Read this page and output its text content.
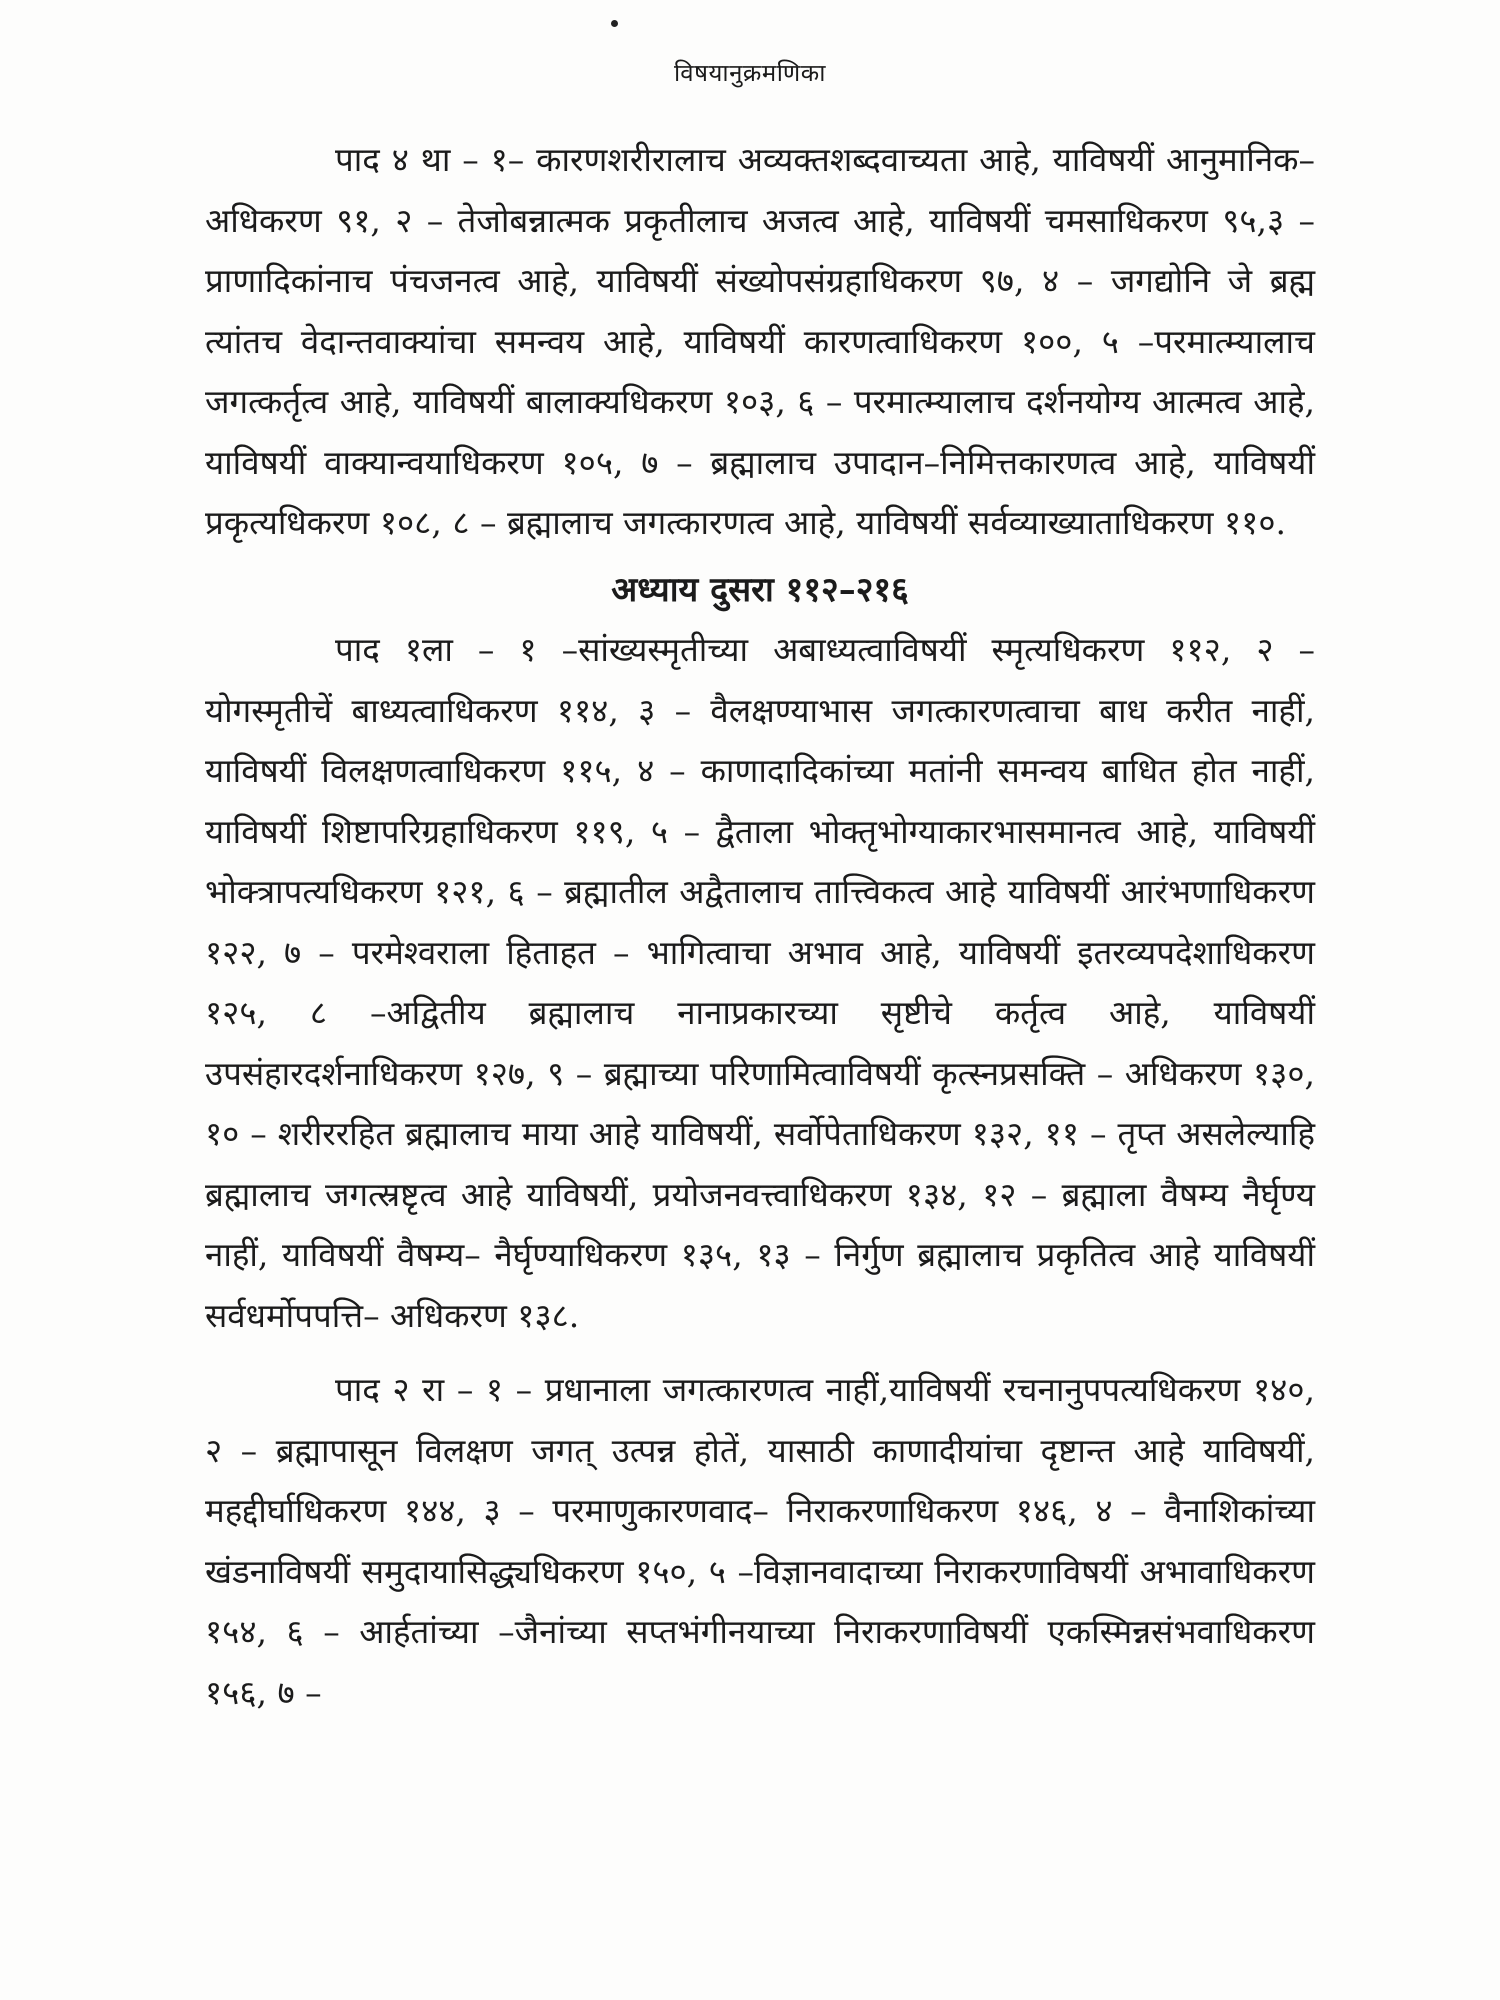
विषयानुक्रमणिका

पाद ४ था – १– कारणशरीरालाच अव्यक्तशब्दवाच्यता आहे, याविषयीं आनुमानिक–अधिकरण ९१, २ – तेजोबन्नात्मक प्रकृतीलाच अजत्व आहे, याविषयीं चमसाधिकरण ९५,३ – प्राणादिकांनाच पंचजनत्व आहे, याविषयीं संख्योपसंग्रहाधिकरण ९७, ४ – जगद्योनि जे ब्रह्म त्यांतच वेदान्तवाक्यांचा समन्वय आहे, याविषयीं कारणत्वाधिकरण १००, ५ –परमात्म्यालाच जगत्कर्तृत्व आहे, याविषयीं बालाक्यधिकरण १०३, ६ – परमात्म्यालाच दर्शनयोग्य आत्मत्व आहे, याविषयीं वाक्यान्वयाधिकरण १०५, ७ – ब्रह्मालाच उपादान–निमित्तकारणत्व आहे, याविषयीं प्रकृत्यधिकरण १०८, ८ – ब्रह्मालाच जगत्कारणत्व आहे, याविषयीं सर्वव्याख्याताधिकरण ११०.

अध्याय दुसरा ११२–२१६

पाद १ला – १ –सांख्यस्मृतीच्या अबाध्यत्वाविषयीं स्मृत्यधिकरण ११२, २ – योगस्मृतीचें बाध्यत्वाधिकरण ११४, ३ – वैलक्षण्याभास जगत्कारणत्वाचा बाध करीत नाहीं, याविषयीं विलक्षणत्वाधिकरण ११५, ४ – काणादादिकांच्या मतांनी समन्वय बाधित होत नाहीं, याविषयीं शिष्टापरिग्रहाधिकरण ११९, ५ – द्वैताला भोक्तृभोग्याकारभासमानत्व आहे, याविषयीं भोक्त्रापत्यधिकरण १२१, ६ – ब्रह्मातील अद्वैतालाच तात्त्विकत्व आहे याविषयीं आरंभणाधिकरण १२२, ७ – परमेश्वराला हिताहत – भागित्वाचा अभाव आहे, याविषयीं इतरव्यपदेशाधिकरण १२५, ८ –अद्वितीय ब्रह्मालाच नानाप्रकारच्या सृष्टीचे कर्तृत्व आहे, याविषयीं उपसंहारदर्शनाधिकरण १२७, ९ – ब्रह्माच्या परिणामित्वाविषयीं कृत्स्नप्रसक्ति – अधिकरण १३०, १० – शरीररहित ब्रह्मालाच माया आहे याविषयीं, सर्वोपेताधिकरण १३२, ११ – तृप्त असलेल्याहि ब्रह्मालाच जगत्स्रष्टृत्व आहे याविषयीं, प्रयोजनवत्त्वाधिकरण १३४, १२ – ब्रह्माला वैषम्य नैर्घृण्य नाहीं, याविषयीं वैषम्य– नैर्घृण्याधिकरण १३५, १३ – निर्गुण ब्रह्मालाच प्रकृतित्व आहे याविषयीं सर्वधर्मोपपत्ति– अधिकरण १३८.

पाद २ रा – १ – प्रधानाला जगत्कारणत्व नाहीं,याविषयीं रचनानुपपत्यधिकरण १४०, २ – ब्रह्मापासून विलक्षण जगत् उत्पन्न होतें, यासाठी काणादीयांचा दृष्टान्त आहे याविषयीं, महद्दीर्घाधिकरण १४४, ३ – परमाणुकारणवाद– निराकरणाधिकरण १४६, ४ – वैनाशिकांच्या खंडनाविषयीं समुदायासिद्ध्यधिकरण १५०, ५ –विज्ञानवादाच्या निराकरणाविषयीं अभावाधिकरण १५४, ६ – आर्हतांच्या –जैनांच्या सप्तभंगीनयाच्या निराकरणाविषयीं एकस्मिन्नसंभवाधिकरण १५६, ७ –
